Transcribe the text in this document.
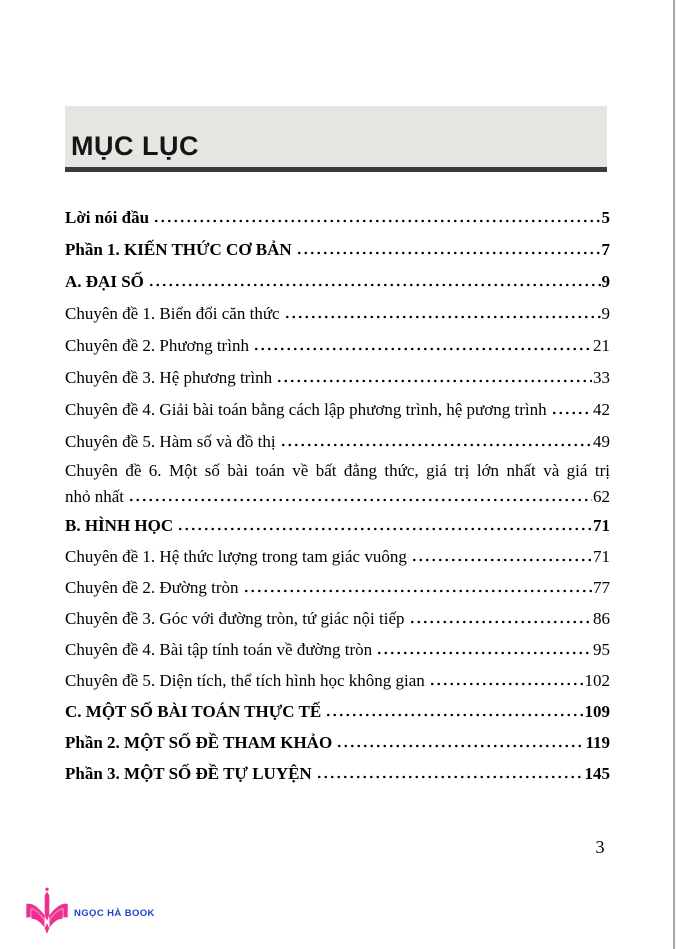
MỤC LỤC
Lời nói đầu	5
Phần 1. KIẾN THỨC CƠ BẢN	7
A. ĐẠI SỐ	9
Chuyên đề 1. Biển đổi căn thức	9
Chuyên đề 2. Phương trình	21
Chuyên đề 3. Hệ phương trình	33
Chuyên đề 4. Giải bài toán bằng cách lập phương trình, hệ pương trình	42
Chuyên đề 5. Hàm số và đồ thị	49
Chuyên đề 6. Một số bài toán về bất đẳng thức, giá trị lớn nhất và giá trị
nhỏ nhất	62
B. HÌNH HỌC	71
Chuyên đề 1. Hệ thức lượng trong tam giác vuông	71
Chuyên đề 2. Đường tròn	77
Chuyên đề 3. Góc với đường tròn, tứ giác nội tiếp	86
Chuyên đề 4. Bài tập tính toán về đường tròn	95
Chuyên đề 5. Diện tích, thể tích hình học không gian	102
C. MỘT SỐ BÀI TOÁN THỰC TẾ	109
Phần 2. MỘT SỐ ĐỀ THAM KHẢO	119
Phần 3. MỘT SỐ ĐỀ TỰ LUYỆN	145
3
NGỌC HÀ BOOK
